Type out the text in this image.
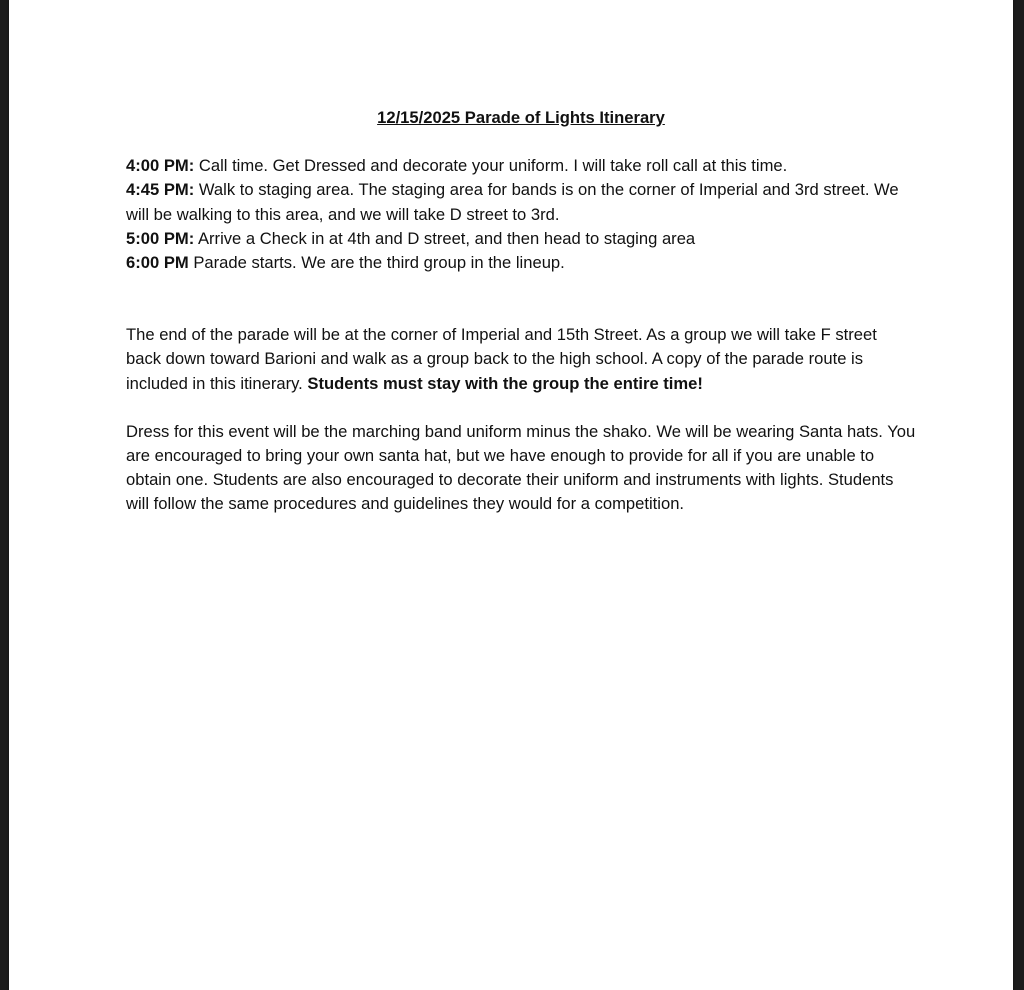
12/15/2025 Parade of Lights Itinerary

4:00 PM: Call time. Get Dressed and decorate your uniform. I will take roll call at this time.

4:45 PM: Walk to staging area. The staging area for bands is on the corner of Imperial and 3rd street. We will be walking to this area, and we will take D street to 3rd.

5:00 PM: Arrive a Check in at 4th and D street, and then head to staging area

6:00 PM Parade starts. We are the third group in the lineup.

The end of the parade will be at the corner of Imperial and 15th Street. As a group we will take F street back down toward Barioni and walk as a group back to the high school. A copy of the parade route is included in this itinerary. Students must stay with the group the entire time!

Dress for this event will be the marching band uniform minus the shako. We will be wearing Santa hats. You are encouraged to bring your own santa hat, but we have enough to provide for all if you are unable to obtain one. Students are also encouraged to decorate their uniform and instruments with lights. Students will follow the same procedures and guidelines they would for a competition.
